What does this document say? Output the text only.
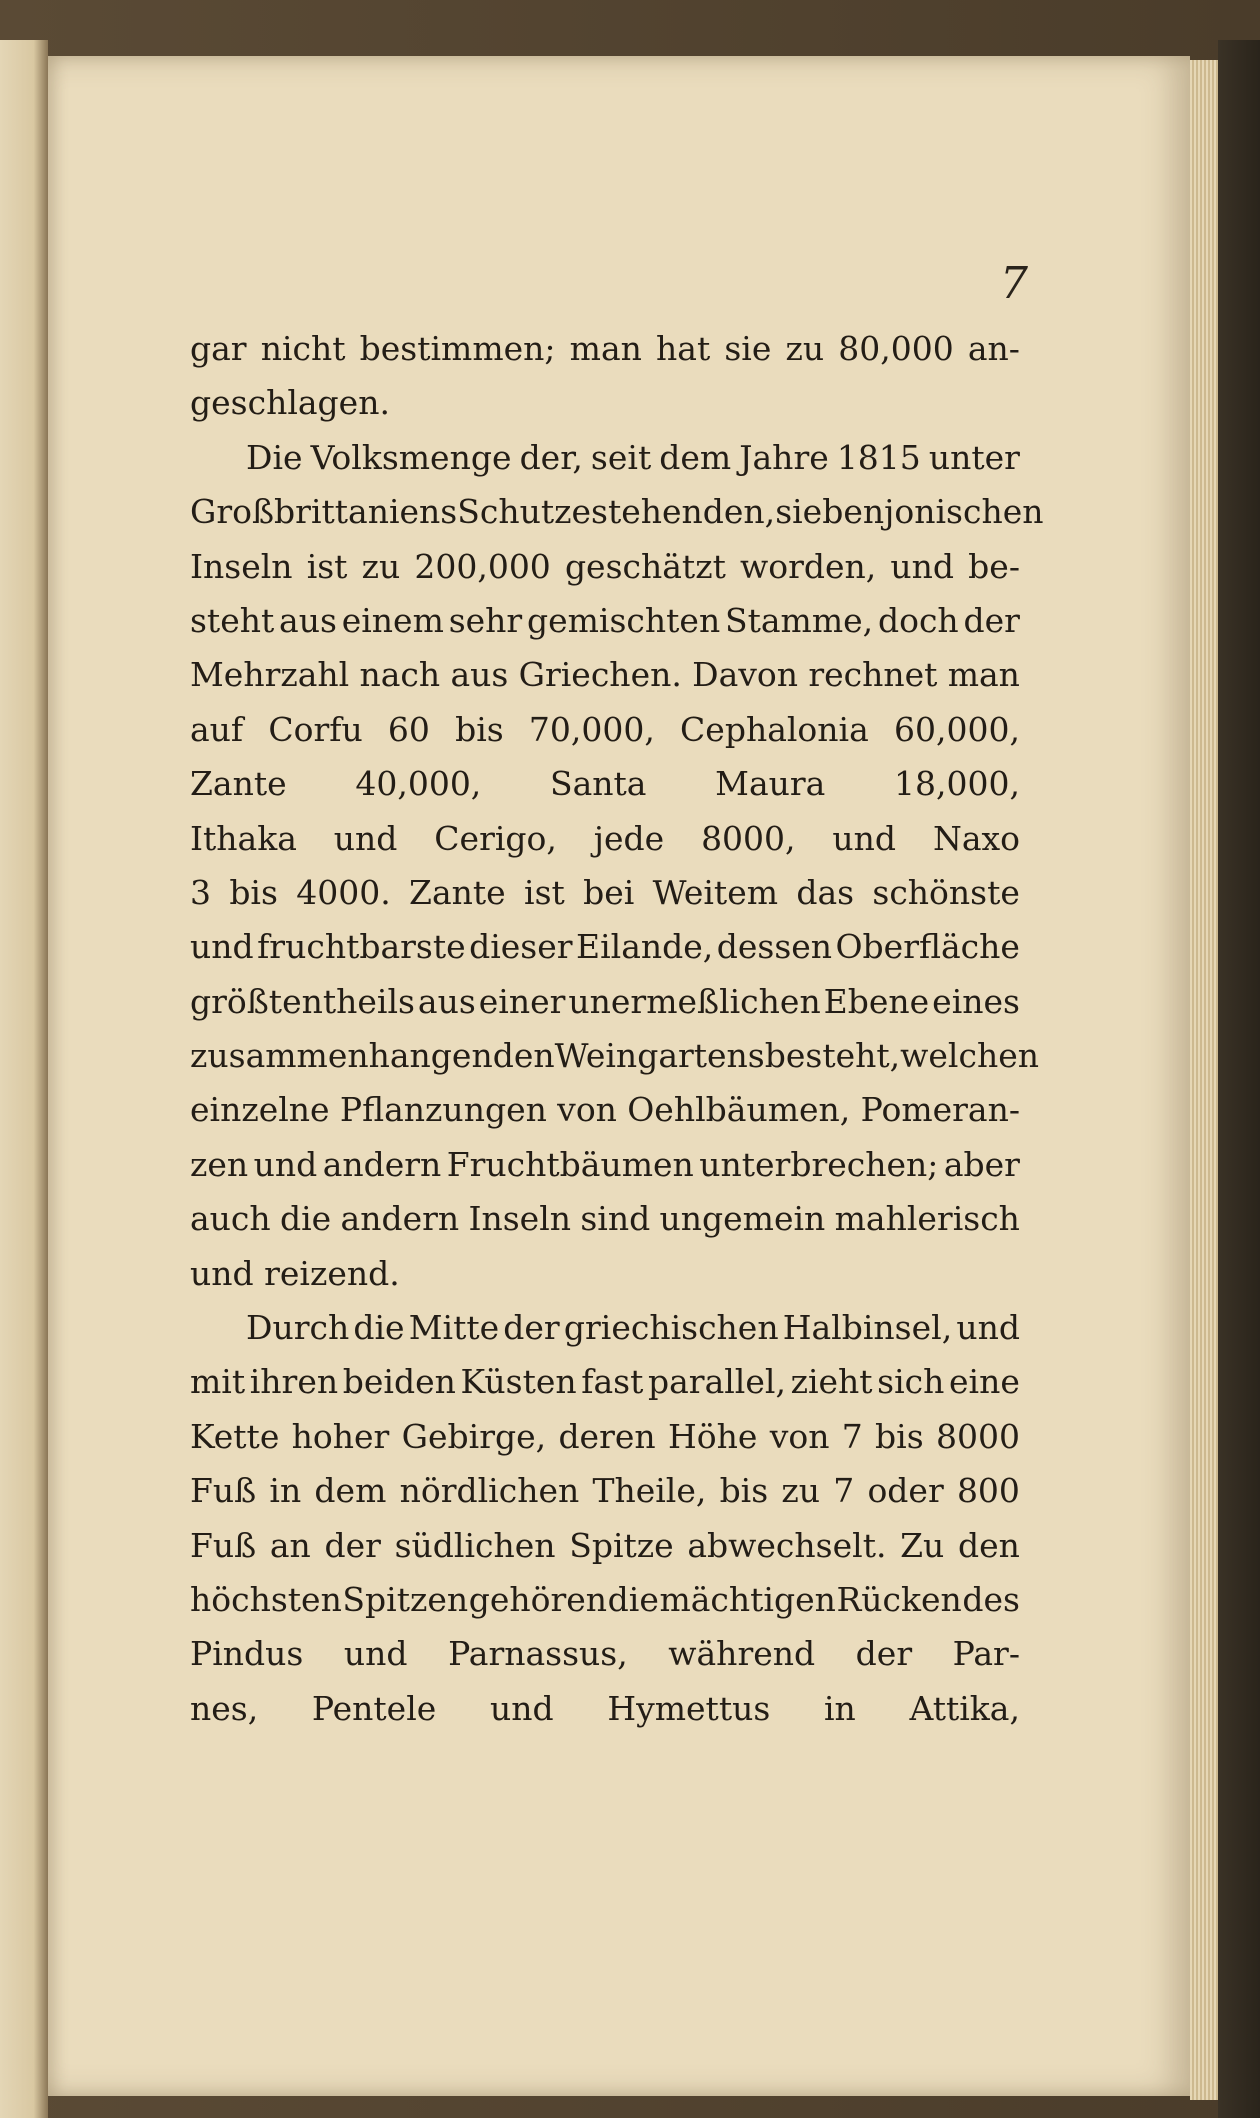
7
gar nicht bestimmen; man hat sie zu 80,000 an-
geschlagen.
Die Volksmenge der, seit dem Jahre 1815 unter
Großbrittaniens Schutze stehenden, sieben jonischen
Inseln ist zu 200,000 geschätzt worden, und be-
steht aus einem sehr gemischten Stamme, doch der
Mehrzahl nach aus Griechen. Davon rechnet man
auf Corfu 60 bis 70,000, Cephalonia 60,000,
Zante 40,000, Santa Maura 18,000,
Ithaka und Cerigo, jede 8000, und Naxo
3 bis 4000. Zante ist bei Weitem das schönste
und fruchtbarste dieser Eilande, dessen Oberfläche
größtentheils aus einer unermeßlichen Ebene eines
zusammenhangenden Weingartens besteht, welchen
einzelne Pflanzungen von Oehlbäumen, Pomeran-
zen und andern Fruchtbäumen unterbrechen; aber
auch die andern Inseln sind ungemein mahlerisch
und reizend.
Durch die Mitte der griechischen Halbinsel, und
mit ihren beiden Küsten fast parallel, zieht sich eine
Kette hoher Gebirge, deren Höhe von 7 bis 8000
Fuß in dem nördlichen Theile, bis zu 7 oder 800
Fuß an der südlichen Spitze abwechselt. Zu den
höchsten Spitzen gehören die mächtigen Rücken des
Pindus und Parnassus, während der Par-
nes, Pentele und Hymettus in Attika,
